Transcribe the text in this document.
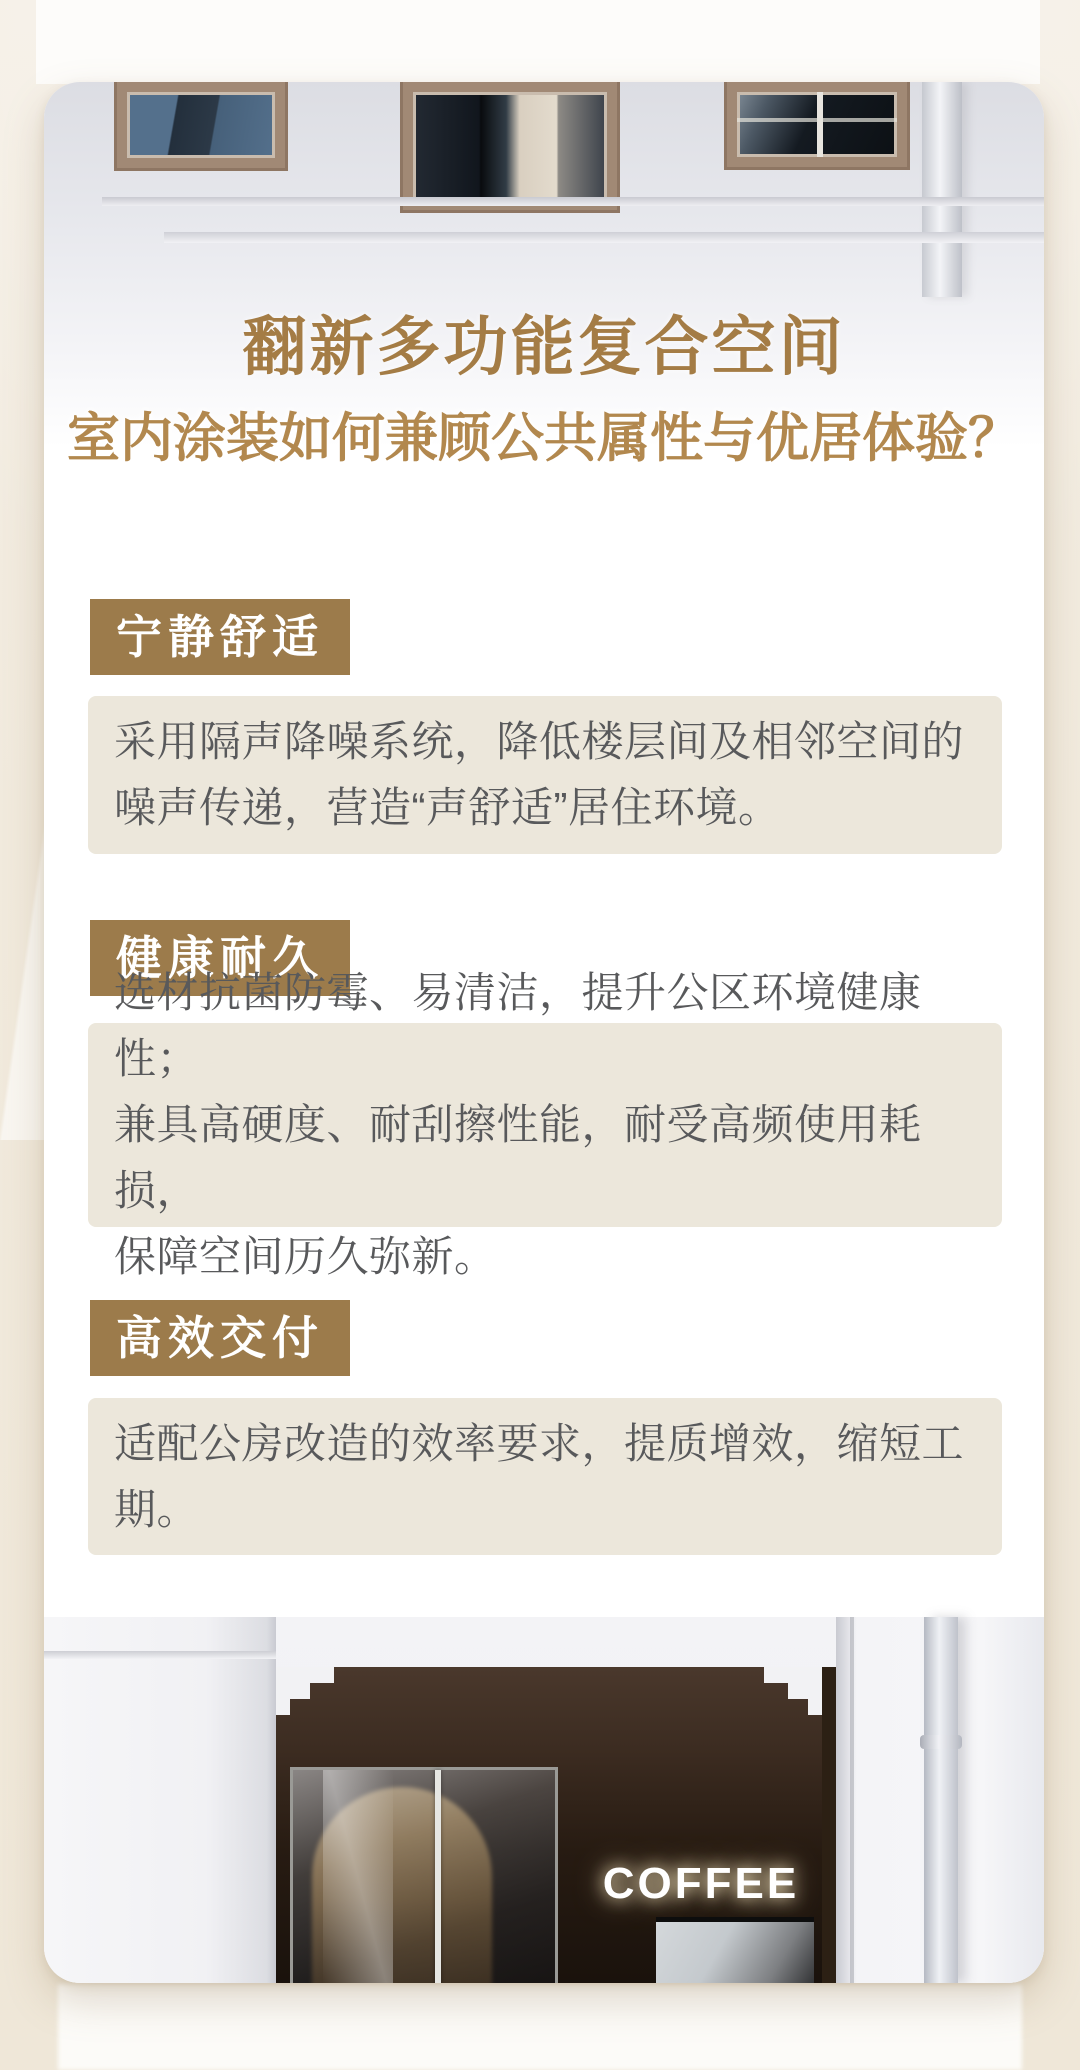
翻新多功能复合空间
室内涂装如何兼顾公共属性与优居体验？
宁静舒适
采用隔声降噪系统，降低楼层间及相邻空间的
噪声传递，营造“声舒适”居住环境。
健康耐久
选材抗菌防霉、易清洁，提升公区环境健康性；
兼具高硬度、耐刮擦性能，耐受高频使用耗损，
保障空间历久弥新。
高效交付
适配公房改造的效率要求，提质增效，缩短工
期。
COFFEE
